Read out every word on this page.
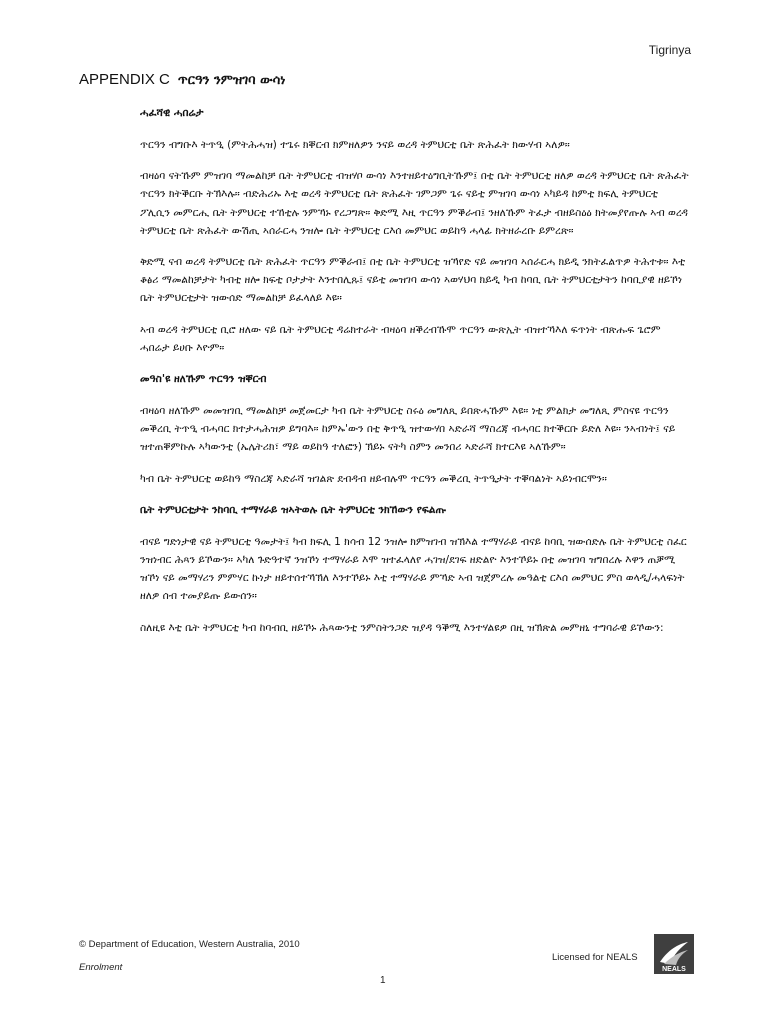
Tigrinya
APPENDIX C ጥርዓን ንምዝገባ ውሳነ
ሓፈሻዊ ሓበሬታ

ጥርዓን ብግቡእ ትጥዒ (ምትሕሓዝ) ተጌሩ ክቐርብ ክምዘለዎን ንናይ ወረዳ ትምህርቲ ቤት ጽሕፈት ክውሃብ ኣለዎ።

ብዛዕባ ናትኹም ምዝገባ ማመልከቻ ቤት ትምህርቲ ብዝሃቦ ውሳነ እንተዘይተዕግቢትኹም፤ በቲ ቤት ትምህርቲ ዘለዎ ወረዳ ትምህርቲ ቤት ጽሕፈት ጥርዓን ክትቕርቡ ትኽእሉ። ብድሕሪኡ እቲ ወረዳ ትምህርቲ ቤት ጽሕፈት ገምጋም ጌሩ ናይቲ ምዝገባ ውሳነ ኣካይዳ ከምቲ ክፍሊ ትምህርቲ ፖሊሲን መምርሒ ቤት ትምህርቲ ተኸቲሉ ንምኻኑ የረጋግጽ። ቅድሚ እዚ ጥርዓን ምቕራብ፤ ንዘለኹም ትፈታ ብዘይስዕዕ ክትመያየጡሉ ኣብ ወረዳ ትምህርቲ ቤት ጽሕፈት ውሽጢ ኣሰራርሓ ንዝሎ ቤት ትምህርቲ ርእሰ መምህር ወይከዓ ሓላፊ ክትዘራረቡ ይምረጽ።

ቅድሚ ናብ ወረዳ ትምህርቲ ቤት ጽሕፈት ጥርዓን ምቕራብ፤ በቲ ቤት ትምህርቲ ዝኻየድ ናይ መዝገባ ኣሰራርሓ ክይዲ ንክትፈልጥዎ ትሕተቱ። እቲ ቆፅሪ ማመልከቻታት ካብቲ ዘሎ ክፍቲ ቦታታት እንተበሊጹ፤ ናይቲ መዝገባ ውሳነ ኣወሃህባ ክይዲ ካብ ከባቢ ቤት ትምህርቲታትን ከባቢያዊ ዘይኾነ ቤት ትምህርቲታት ዝውሰድ ማመልከቻ ይፈላለይ እዩ።

ኣብ ወረዳ ትምህርቲ ቢሮ ዘለው ናይ ቤት ትምህርቲ ዳሬክተራት ብዛዕባ ዘቕረብኹሞ ጥርዓን ውጽኢት ብዝተኻእለ ፍጥነት ብጽሑፍ ጌሮም ሓበሬታ ይሀቡ እዮም።

መዓስ'ዩ ዘለኹም ጥርዓን ዝቐርብ

ብዛዕባ ዘለኹም መመዝገቢ ማመልከቻ መጀመርታ ካብ ቤት ትምህርቲ ስሩዕ መግለጺ ይበጽሓኹም እዩ። ነቲ ምልክታ መግለጺ ምስናዩ ጥርዓን መቕረቢ ትጥዒ ብሓባር ክተታሓሕዝዎ ይግባእ። ከምኡ'ውን በቲ ቅጥዒ ዝተውሃበ ኣድራሻ ማስረጃ ብሓባር ክተቕርቡ ይድለ እዩ። ንኣብነት፤ ናይ ዝተጠቐምኩሉ ኣካውንቲ (ኤሌትሪክ፣ ማይ ወይከዓ ተለፎን) ኽይኑ ናትካ ስምን መንበሪ ኣድራሻ ክተርእዩ ኣለኹም።

ካብ ቤት ትምህርቲ ወይከዓ ማስረጃ ኣድራሻ ዝገልጽ ደብዳብ ዘይብሉሞ ጥርዓን መቕረቢ ትጥዒታት ተቐባልነት ኣይነብርሞን።

ቤት ትምህርቲታት ንከባቢ ተማሃራይ ዝኣትወሉ ቤት ትምህርቲ ንክኸውን የፍልጡ

ብናይ ግድነታዊ ናይ ትምህርቲ ዓመታት፤ ካብ ክፍሊ 1 ክሳብ 12 ንዝሎ ክምዝገብ ዝኽእል ተማሃራይ ብናይ ከባቢ ዝውሰድሉ ቤት ትምህርቲ ስፈር ንዝነብር ሕጻን ይኾውን። ኣካለ ጉድዓተኛ ንዝኾነ ተማሃራይ እሞ ዝተፈላለየ ሓገዝ/ደገፍ ዘድልዮ እንተኾይኑ በቲ መዝገባ ዝግበረሉ እዋን ጠቓሚ ዝኾነ ናይ መማሃሪን ምምሃር ኩነታ ዘይተሰተኻኽለ እንተኾይኑ እቲ ተማሃራይ ምኻድ ኣብ ዝጀምረሉ መዓልቲ ርእሰ መምህር ምስ ወላዲ/ሓላፍነት ዘለዎ ሰብ ተመያይጡ ይውሰን።

ስለዚዩ እቲ ቤት ትምህርቲ ካብ ከባብቢ ዘይኾኑ ሕጻውንቲ ንምስትንጋድ ዝያዳ ዓቕሚ እንተሃልዩዎ በዚ ዝኽጽል መምዘኒ ተግባራዊ ይኾውን:

© Department of Education, Western Australia, 2010
Enrolment
Licensed for NEALS
1
NEALS
